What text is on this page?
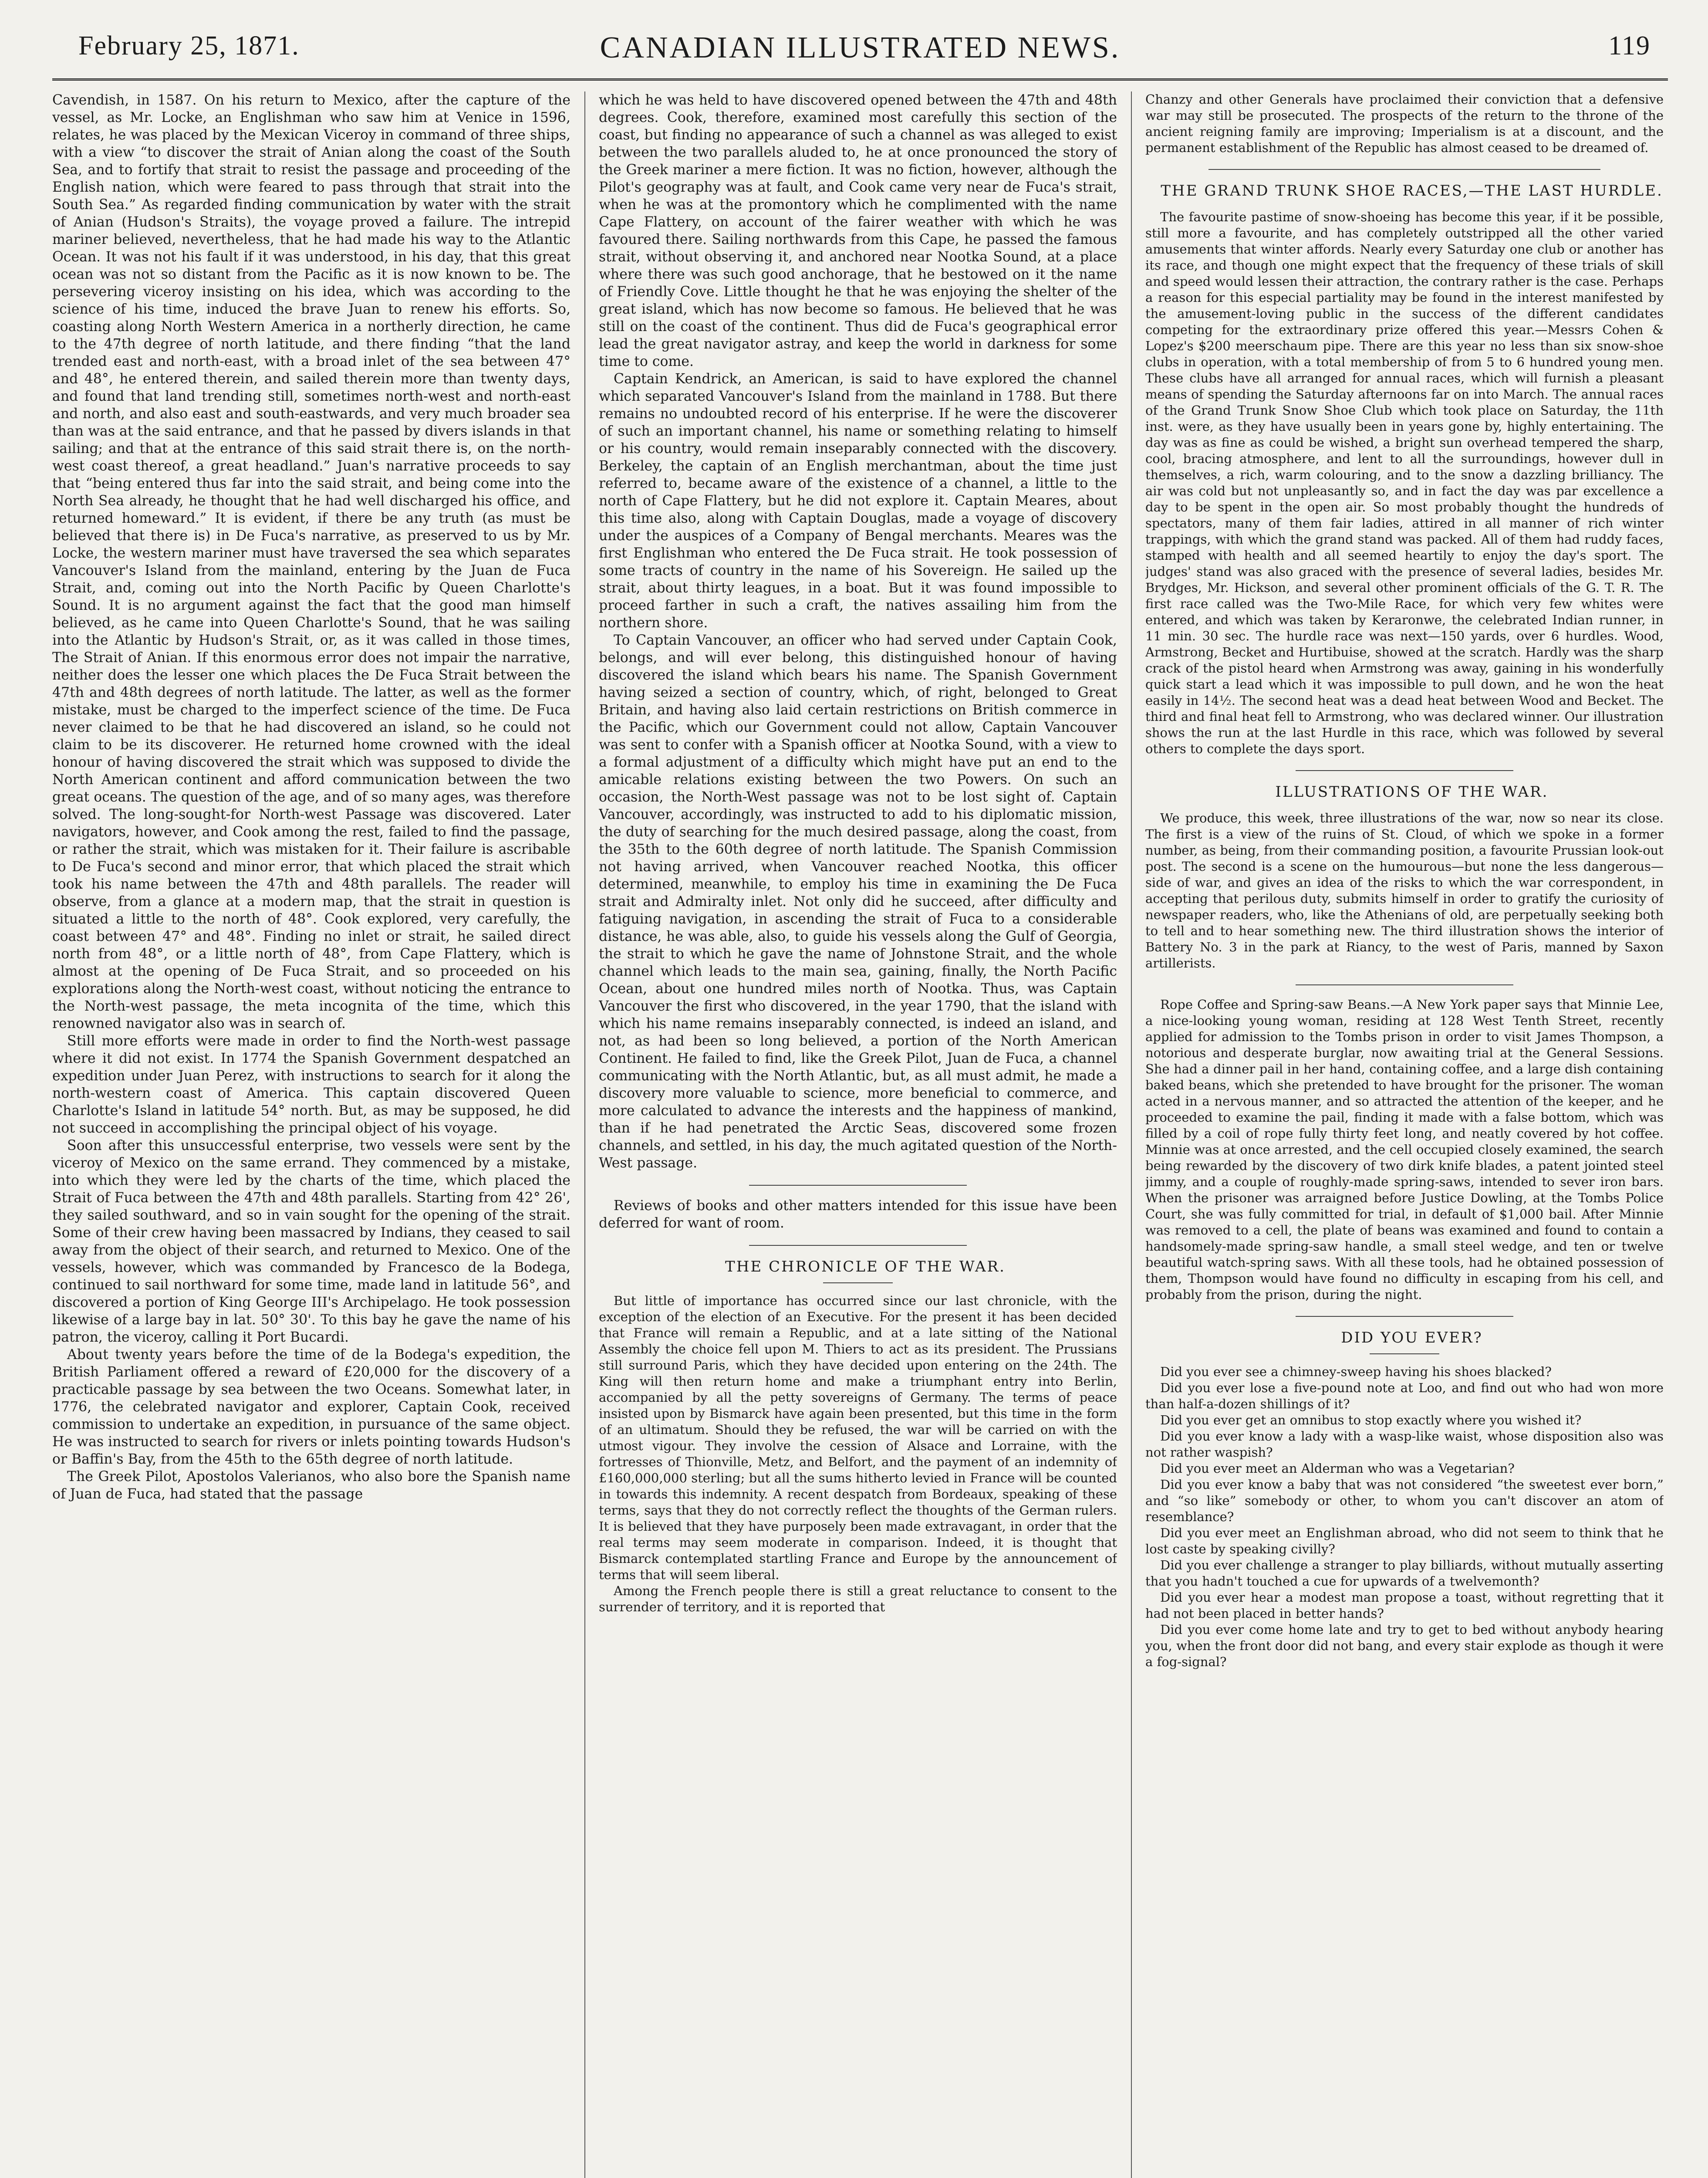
CANADIAN ILLUSTRATED NEWS.
February 25, 1871.	119

Cavendish, in 1587. On his return to Mexico, after the capture of the vessel, as Mr. Locke, an Englishman who saw him at Venice in 1596, relates, he was placed by the Mexican Viceroy in command of three ships, with a view “to discover the strait of Anian along the coast of the South Sea, and to fortify that strait to resist the passage and proceeding of the English nation, which were feared to pass through that strait into the South Sea.” As regarded finding communication by water with the strait of Anian (Hudson's Straits), the voyage proved a failure. The intrepid mariner believed, nevertheless, that he had made his way to the Atlantic Ocean. It was not his fault if it was understood, in his day, that this great ocean was not so distant from the Pacific as it is now known to be. The persevering viceroy insisting on his idea, which was according to the science of his time, induced the brave Juan to renew his efforts. So, coasting along North Western America in a northerly direction, he came to the 47th degree of north latitude, and there finding “that the land trended east and north-east, with a broad inlet of the sea between 47° and 48°, he entered therein, and sailed therein more than twenty days, and found that land trending still, sometimes north-west and north-east and north, and also east and south-eastwards, and very much broader sea than was at the said entrance, and that he passed by divers islands in that sailing; and that at the entrance of this said strait there is, on the north-west coast thereof, a great headland.” Juan's narrative proceeds to say that “being entered thus far into the said strait, and being come into the North Sea already, he thought that he had well discharged his office, and returned homeward.” It is evident, if there be any truth (as must be believed that there is) in De Fuca's narrative, as preserved to us by Mr. Locke, the western mariner must have traversed the sea which separates Vancouver's Island from the mainland, entering by the Juan de Fuca Strait, and, coming out into the North Pacific by Queen Charlotte's Sound. It is no argument against the fact that the good man himself believed, as he came into Queen Charlotte's Sound, that he was sailing into the Atlantic by Hudson's Strait, or, as it was called in those times, The Strait of Anian. If this enormous error does not impair the narrative, neither does the lesser one which places the De Fuca Strait between the 47th and 48th degrees of north latitude. The latter, as well as the former mistake, must be charged to the imperfect science of the time. De Fuca never claimed to be that he had discovered an island, so he could not claim to be its discoverer. He returned home crowned with the ideal honour of having discovered the strait which was supposed to divide the North American continent and afford communication between the two great oceans. The question of the age, and of so many ages, was therefore solved. The long-sought-for North-west Passage was discovered. Later navigators, however, and Cook among the rest, failed to find the passage, or rather the strait, which was mistaken for it. Their failure is ascribable to De Fuca's second and minor error, that which placed the strait which took his name between the 47th and 48th parallels. The reader will observe, from a glance at a modern map, that the strait in question is situated a little to the north of 48°. Cook explored, very carefully, the coast between 47° and 48°. Finding no inlet or strait, he sailed direct north from 48°, or a little north of 48°, from Cape Flattery, which is almost at the opening of De Fuca Strait, and so proceeded on his explorations along the North-west coast, without noticing the entrance to the North-west passage, the meta incognita of the time, which this renowned navigator also was in search of.

Still more efforts were made in order to find the North-west passage where it did not exist. In 1774 the Spanish Government despatched an expedition under Juan Perez, with instructions to search for it along the north-western coast of America. This captain discovered Queen Charlotte's Island in latitude 54° north. But, as may be supposed, he did not succeed in accomplishing the principal object of his voyage.

Soon after this unsuccessful enterprise, two vessels were sent by the viceroy of Mexico on the same errand. They commenced by a mistake, into which they were led by the charts of the time, which placed the Strait of Fuca between the 47th and 48th parallels. Starting from 42° 26', they sailed southward, and so in vain sought for the opening of the strait. Some of their crew having been massacred by Indians, they ceased to sail away from the object of their search, and returned to Mexico. One of the vessels, however, which was commanded by Francesco de la Bodega, continued to sail northward for some time, made land in latitude 56°, and discovered a portion of King George III's Archipelago. He took possession likewise of a large bay in lat. 50° 30'. To this bay he gave the name of his patron, the viceroy, calling it Port Bucardi.

About twenty years before the time of de la Bodega's expedition, the British Parliament offered a reward of £20,000 for the discovery of a practicable passage by sea between the two Oceans. Somewhat later, in 1776, the celebrated navigator and explorer, Captain Cook, received commission to undertake an expedition, in pursuance of the same object. He was instructed to search for rivers or inlets pointing towards Hudson's or Baffin's Bay, from the 45th to the 65th degree of north latitude.

The Greek Pilot, Apostolos Valerianos, who also bore the Spanish name of Juan de Fuca, had stated that the passage

which he was held to have discovered opened between the 47th and 48th degrees. Cook, therefore, examined most carefully this section of the coast, but finding no appearance of such a channel as was alleged to exist between the two parallels aluded to, he at once pronounced the story of the Greek mariner a mere fiction. It was no fiction, however, although the Pilot's geography was at fault, and Cook came very near de Fuca's strait, when he was at the promontory which he complimented with the name Cape Flattery, on account of the fairer weather with which he was favoured there. Sailing northwards from this Cape, he passed the famous strait, without observing it, and anchored near Nootka Sound, at a place where there was such good anchorage, that he bestowed on it the name of Friendly Cove. Little thought he that he was enjoying the shelter of the great island, which has now become so famous. He believed that he was still on the coast of the continent. Thus did de Fuca's geographical error lead the great navigator astray, and keep the world in darkness for some time to come.

Captain Kendrick, an American, is said to have explored the channel which separated Vancouver's Island from the mainland in 1788. But there remains no undoubted record of his enterprise. If he were the discoverer of such an important channel, his name or something relating to himself or his country, would remain inseparably connected with the discovery. Berkeley, the captain of an English merchantman, about the time just referred to, became aware of the existence of a channel, a little to the north of Cape Flattery, but he did not explore it. Captain Meares, about this time also, along with Captain Douglas, made a voyage of discovery under the auspices of a Company of Bengal merchants. Meares was the first Englishman who entered the De Fuca strait. He took possession of some tracts of country in the name of his Sovereign. He sailed up the strait, about thirty leagues, in a boat. But it was found impossible to proceed farther in such a craft, the natives assailing him from the northern shore.

To Captain Vancouver, an officer who had served under Captain Cook, belongs, and will ever belong, this distinguished honour of having discovered the island which bears his name. The Spanish Government having seized a section of country, which, of right, belonged to Great Britain, and having also laid certain restrictions on British commerce in the Pacific, which our Government could not allow, Captain Vancouver was sent to confer with a Spanish officer at Nootka Sound, with a view to a formal adjustment of a difficulty which might have put an end to the amicable relations existing between the two Powers. On such an occasion, the North-West passage was not to be lost sight of. Captain Vancouver, accordingly, was instructed to add to his diplomatic mission, the duty of searching for the much desired passage, along the coast, from the 35th to the 60th degree of north latitude. The Spanish Commission not having arrived, when Vancouver reached Nootka, this officer determined, meanwhile, to employ his time in examining the De Fuca strait and Admiralty inlet. Not only did he succeed, after difficulty and fatiguing navigation, in ascending the strait of Fuca to a considerable distance, he was able, also, to guide his vessels along the Gulf of Georgia, the strait to which he gave the name of Johnstone Strait, and the whole channel which leads to the main sea, gaining, finally, the North Pacific Ocean, about one hundred miles north of Nootka. Thus, was Captain Vancouver the first who discovered, in the year 1790, that the island with which his name remains inseparably connected, is indeed an island, and not, as had been so long believed, a portion of the North American Continent. He failed to find, like the Greek Pilot, Juan de Fuca, a channel communicating with the North Atlantic, but, as all must admit, he made a discovery more valuable to science, more beneficial to commerce, and more calculated to advance the interests and the happiness of mankind, than if he had penetrated the Arctic Seas, discovered some frozen channels, and settled, in his day, the much agitated question of the North-West passage.

Reviews of books and other matters intended for this issue have been deferred for want of room.

THE CHRONICLE OF THE WAR.

But little of importance has occurred since our last chronicle, with the exception of the election of an Executive. For the present it has been decided that France will remain a Republic, and at a late sitting of the National Assembly the choice fell upon M. Thiers to act as its president. The Prussians still surround Paris, which they have decided upon entering on the 24th. The King will then return home and make a triumphant entry into Berlin, accompanied by all the petty sovereigns of Germany. The terms of peace insisted upon by Bismarck have again been presented, but this time in the form of an ultimatum. Should they be refused, the war will be carried on with the utmost vigour. They involve the cession of Alsace and Lorraine, with the fortresses of Thionville, Metz, and Belfort, and the payment of an indemnity of £160,000,000 sterling; but all the sums hitherto levied in France will be counted in towards this indemnity. A recent despatch from Bordeaux, speaking of these terms, says that they do not correctly reflect the thoughts of the German rulers. It is believed that they have purposely been made extravagant, in order that the real terms may seem moderate in comparison. Indeed, it is thought that Bismarck contemplated startling France and Europe by the announcement of terms that will seem liberal.

Among the French people there is still a great reluctance to consent to the surrender of territory, and it is reported that

Chanzy and other Generals have proclaimed their conviction that a defensive war may still be prosecuted. The prospects of the return to the throne of the ancient reigning family are improving; Imperialism is at a discount, and the permanent establishment of the Republic has almost ceased to be dreamed of.

THE GRAND TRUNK SHOE RACES,—THE LAST HURDLE.

The favourite pastime of snow-shoeing has become this year, if it be possible, still more a favourite, and has completely outstripped all the other varied amusements that winter affords. Nearly every Saturday one club or another has its race, and though one might expect that the frequency of these trials of skill and speed would lessen their attraction, the contrary rather is the case. Perhaps a reason for this especial partiality may be found in the interest manifested by the amusement-loving public in the success of the different candidates competing for the extraordinary prize offered this year.—Messrs Cohen & Lopez's $200 meerschaum pipe. There are this year no less than six snow-shoe clubs in operation, with a total membership of from 5 to 6 hundred young men. These clubs have all arranged for annual races, which will furnish a pleasant means of spending the Saturday afternoons far on into March. The annual races of the Grand Trunk Snow Shoe Club which took place on Saturday, the 11th inst. were, as they have usually been in years gone by, highly entertaining. The day was as fine as could be wished, a bright sun overhead tempered the sharp, cool, bracing atmosphere, and lent to all the surroundings, however dull in themselves, a rich, warm colouring, and to the snow a dazzling brilliancy. The air was cold but not unpleasantly so, and in fact the day was par excellence a day to be spent in the open air. So most probably thought the hundreds of spectators, many of them fair ladies, attired in all manner of rich winter trappings, with which the grand stand was packed. All of them had ruddy faces, stamped with health and all seemed heartily to enjoy the day's sport. The judges' stand was also graced with the presence of several ladies, besides Mr. Brydges, Mr. Hickson, and several other prominent officials of the G. T. R. The first race called was the Two-Mile Race, for which very few whites were entered, and which was taken by Keraronwe, the celebrated Indian runner, in 11 min. 30 sec. The hurdle race was next—150 yards, over 6 hurdles. Wood, Armstrong, Becket and Hurtibuise, showed at the scratch. Hardly was the sharp crack of the pistol heard when Armstrong was away, gaining in his wonderfully quick start a lead which it was impossible to pull down, and he won the heat easily in 14½. The second heat was a dead heat between Wood and Becket. The third and final heat fell to Armstrong, who was declared winner. Our illustration shows the run at the last Hurdle in this race, which was followed by several others to complete the days sport.

ILLUSTRATIONS OF THE WAR.

We produce, this week, three illustrations of the war, now so near its close. The first is a view of the ruins of St. Cloud, of which we spoke in a former number, as being, from their commanding position, a favourite Prussian look-out post. The second is a scene on the humourous—but none the less dangerous—side of war, and gives an idea of the risks to which the war correspondent, in accepting that perilous duty, submits himself in order to gratify the curiosity of newspaper readers, who, like the Athenians of old, are perpetually seeking both to tell and to hear something new. The third illustration shows the interior of Battery No. 3 in the park at Riancy, to the west of Paris, manned by Saxon artillerists.

Rope Coffee and Spring-saw Beans.—A New York paper says that Minnie Lee, a nice-looking young woman, residing at 128 West Tenth Street, recently applied for admission to the Tombs prison in order to visit James Thompson, a notorious and desperate burglar, now awaiting trial at the General Sessions. She had a dinner pail in her hand, containing coffee, and a large dish containing baked beans, which she pretended to have brought for the prisoner. The woman acted in a nervous manner, and so attracted the attention of the keeper, and he proceeded to examine the pail, finding it made with a false bottom, which was filled by a coil of rope fully thirty feet long, and neatly covered by hot coffee. Minnie was at once arrested, and the cell occupied closely examined, the search being rewarded by the discovery of two dirk knife blades, a patent jointed steel jimmy, and a couple of roughly-made spring-saws, intended to sever iron bars. When the prisoner was arraigned before Justice Dowling, at the Tombs Police Court, she was fully committed for trial, in default of $1,000 bail. After Minnie was removed to a cell, the plate of beans was examined and found to contain a handsomely-made spring-saw handle, a small steel wedge, and ten or twelve beautiful watch-spring saws. With all these tools, had he obtained possession of them, Thompson would have found no difficulty in escaping from his cell, and probably from the prison, during the night.

DID YOU EVER?

Did you ever see a chimney-sweep having his shoes blacked?

Did you ever lose a five-pound note at Loo, and find out who had won more than half-a-dozen shillings of it?

Did you ever get an omnibus to stop exactly where you wished it?

Did you ever know a lady with a wasp-like waist, whose disposition also was not rather waspish?

Did you ever meet an Alderman who was a Vegetarian?

Did you ever know a baby that was not considered “the sweetest ever born,” and “so like” somebody or other, to whom you can't discover an atom of resemblance?

Did you ever meet an Englishman abroad, who did not seem to think that he lost caste by speaking civilly?

Did you ever challenge a stranger to play billiards, without mutually asserting that you hadn't touched a cue for upwards of a twelvemonth?

Did you ever hear a modest man propose a toast, without regretting that it had not been placed in better hands?

Did you ever come home late and try to get to bed without anybody hearing you, when the front door did not bang, and every stair explode as though it were a fog-signal?
